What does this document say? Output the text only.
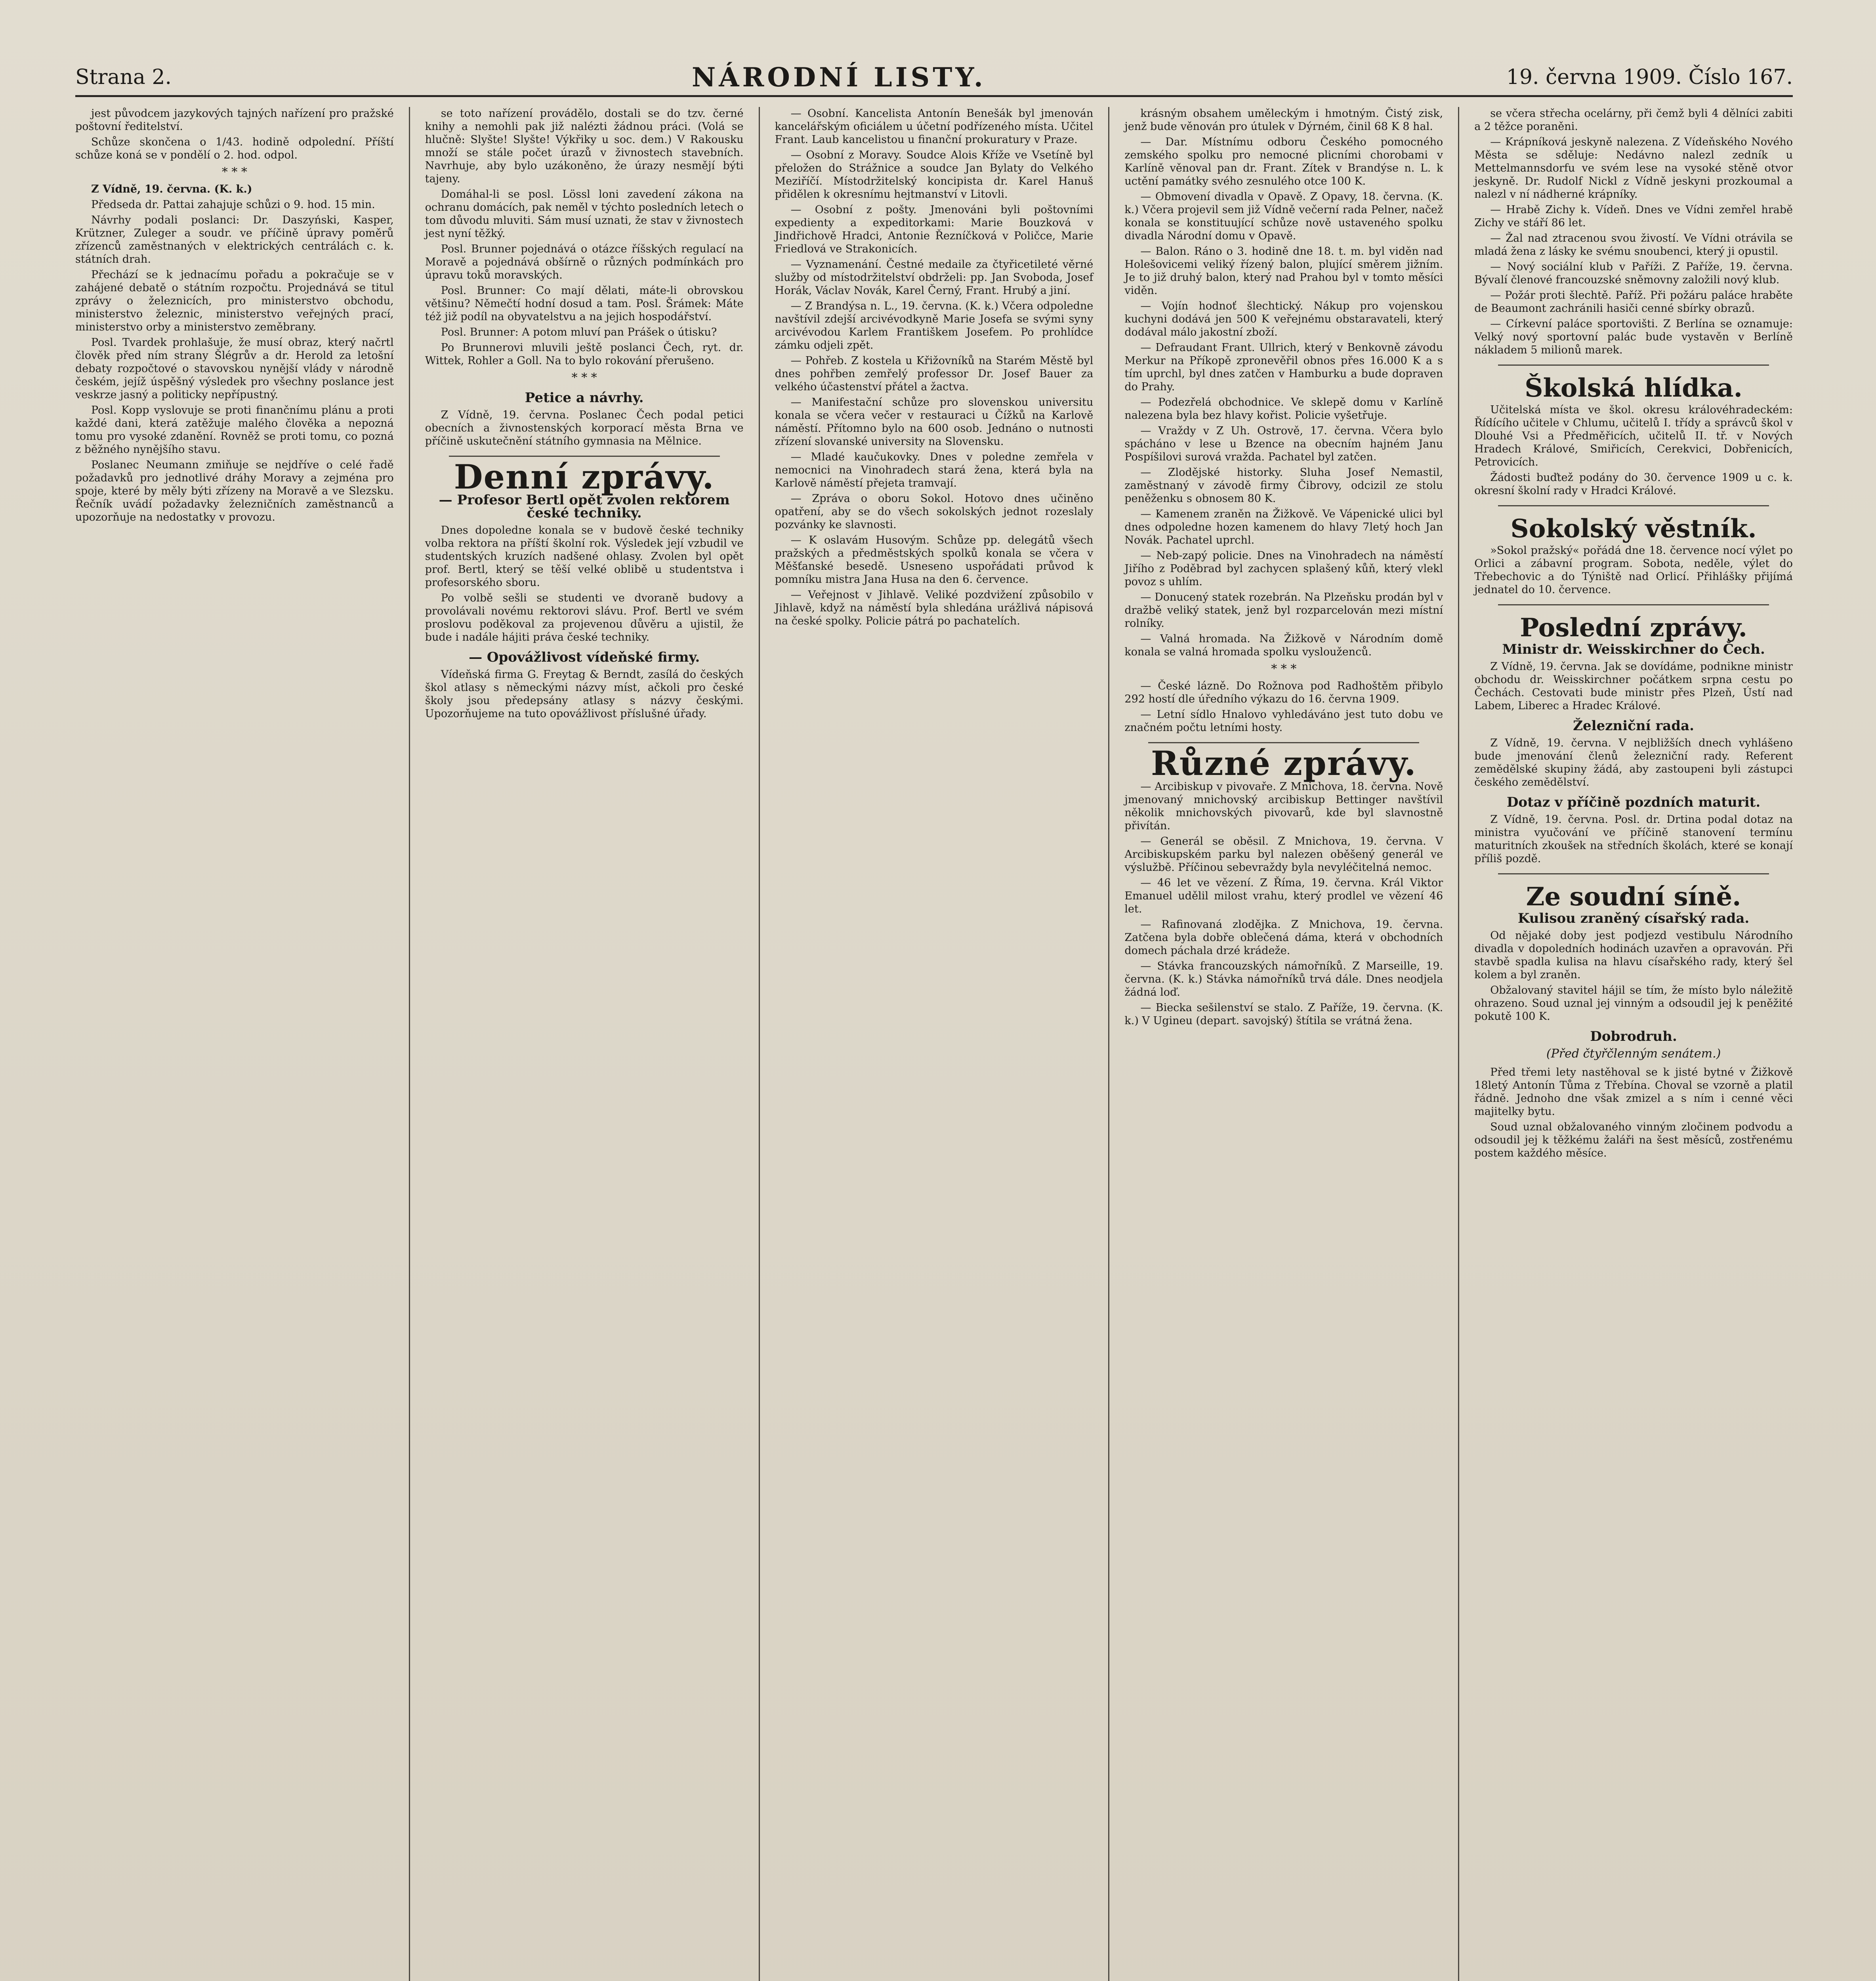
Strana 2.	NÁRODNÍ LISTY.	19. června 1909. Číslo 167.

jest původcem jazykových tajných nařízení pro pražské poštovní ředitelství.

Schůze skončena o 1/43. hodině odpolední. Příští schůze koná se v pondělí o 2. hod. odpol.

* * *

Z Vídně, 19. června. (K. k.)

Předseda dr. Pattai zahajuje schůzi o 9. hod. 15 min.

Návrhy podali poslanci: Dr. Daszyński, Kasper, Krützner, Zuleger a soudr. ve příčině úpravy poměrů zřízenců zaměstnaných v elektrických centrálách c. k. státních drah.

Přechází se k jednacímu pořadu a pokračuje se v zahájené debatě o státním rozpočtu. Projednává se titul zprávy o železnicích, pro ministerstvo obchodu, ministerstvo železnic, ministerstvo veřejných prací, ministerstvo orby a ministerstvo zeměbrany.

Posl. Tvardek prohlašuje, že musí obraz, který načrtl člověk před ním strany Šlégrův a dr. Herold za letošní debaty rozpočtové o stavovskou nynější vlády v národně českém, jejíž úspěšný výsledek pro všechny poslance jest veskrze jasný a politicky nepřípustný.

Posl. Kopp vyslovuje se proti finančnímu plánu a proti každé dani, která zatěžuje malého člověka a nepozná tomu pro vysoké zdanění. Rovněž se proti tomu, co pozná z běžného nynějšího stavu.

Poslanec Neumann zmiňuje se nejdříve o celé řadě požadavků pro jednotlivé dráhy Moravy a zejména pro spoje, které by měly býti zřízeny na Moravě a ve Slezsku. Řečník uvádí požadavky železničních zaměstnanců a upozorňuje na nedostatky v provozu.

se toto nařízení provádělo, dostali se do tzv. černé knihy a nemohli pak již nalézti žádnou práci. (Volá se hlučně: Slyšte! Slyšte! Výkřiky u soc. dem.) V Rakousku množí se stále počet úrazů v živnostech stavebních. Navrhuje, aby bylo uzákoněno, že úrazy nesmějí býti tajeny.

Domáhal-li se posl. Lössl loni zavedení zákona na ochranu domácích, pak neměl v týchto posledních letech o tom důvodu mluviti. Sám musí uznati, že stav v živnostech jest nyní těžký.

Posl. Brunner pojednává o otázce říšských regulací na Moravě a pojednává obšírně o různých podmínkách pro úpravu toků moravských.

Posl. Brunner: Co mají dělati, máte-li obrovskou většinu? Němečtí hodní dosud a tam. Posl. Šrámek: Máte též již podíl na obyvatelstvu a na jejich hospodářství.

Posl. Brunner: A potom mluví pan Prášek o útisku?

Po Brunnerovi mluvili ještě poslanci Čech, ryt. dr. Wittek, Rohler a Goll. Na to bylo rokování přerušeno.

* * *
Petice a návrhy.

Z Vídně, 19. června. Poslanec Čech podal petici obecních a živnostenských korporací města Brna ve příčině uskutečnění státního gymnasia na Mělnice.

Denní zprávy.
— Profesor Bertl opět zvolen rektorem české techniky.

Dnes dopoledne konala se v budově české techniky volba rektora na příští školní rok. Výsledek její vzbudil ve studentských kruzích nadšené ohlasy. Zvolen byl opět prof. Bertl, který se těší velké oblibě u studentstva i profesorského sboru.

Po volbě sešli se studenti ve dvoraně budovy a provolávali novému rektorovi slávu. Prof. Bertl ve svém proslovu poděkoval za projevenou důvěru a ujistil, že bude i nadále hájiti práva české techniky.

— Opovážlivost vídeňské firmy.

Vídeňská firma G. Freytag & Berndt, zasílá do českých škol atlasy s německými názvy míst, ačkoli pro české školy jsou předepsány atlasy s názvy českými. Upozorňujeme na tuto opovážlivost příslušné úřady.

— Osobní. Kancelista Antonín Benešák byl jmenován kancelářským oficiálem u účetní podřízeného místa. Učitel Frant. Laub kancelistou u finanční prokuratury v Praze.

— Osobní z Moravy. Soudce Alois Kříže ve Vsetíně byl přeložen do Strážnice a soudce Jan Bylaty do Velkého Meziříčí. Místodržitelský koncipista dr. Karel Hanuš přidělen k okresnímu hejtmanství v Litovli.

— Osobní z pošty. Jmenováni byli poštovními expedienty a expeditorkami: Marie Bouzková v Jindřichově Hradci, Antonie Řezníčková v Poličce, Marie Friedlová ve Strakonicích.

— Vyznamenání. Čestné medaile za čtyřicetileté věrné služby od místodržitelství obdrželi: pp. Jan Svoboda, Josef Horák, Václav Novák, Karel Černý, Frant. Hrubý a jiní.

— Z Brandýsa n. L., 19. června. (K. k.) Včera odpoledne navštívil zdejší arcivévodkyně Marie Josefa se svými syny arcivévodou Karlem Františkem Josefem. Po prohlídce zámku odjeli zpět.

— Pohřeb. Z kostela u Křižovníků na Starém Městě byl dnes pohřben zemřelý professor Dr. Josef Bauer za velkého účastenství přátel a žactva.

— Manifestační schůze pro slovenskou universitu konala se včera večer v restauraci u Čížků na Karlově náměstí. Přítomno bylo na 600 osob. Jednáno o nutnosti zřízení slovanské university na Slovensku.

— Mladé kaučukovky. Dnes v poledne zemřela v nemocnici na Vinohradech stará žena, která byla na Karlově náměstí přejeta tramvají.

— Zpráva o oboru Sokol. Hotovo dnes učiněno opatření, aby se do všech sokolských jednot rozeslaly pozvánky ke slavnosti.

— K oslavám Husovým. Schůze pp. delegátů všech pražských a předměstských spolků konala se včera v Měšťanské besedě. Usneseno uspořádati průvod k pomníku mistra Jana Husa na den 6. července.

— Veřejnost v Jihlavě. Veliké pozdvižení způsobilo v Jihlavě, když na náměstí byla shledána urážlivá nápisová na české spolky. Policie pátrá po pachatelích.

krásným obsahem uměleckým i hmotným. Čistý zisk, jenž bude věnován pro útulek v Dýrném, činil 68 K 8 hal.

— Dar. Místnímu odboru Českého pomocného zemského spolku pro nemocné plicními chorobami v Karlíně věnoval pan dr. Frant. Zítek v Brandýse n. L. k uctění památky svého zesnulého otce 100 K.

— Obmovení divadla v Opavě. Z Opavy, 18. června. (K. k.) Včera projevil sem již Vídně večerní rada Pelner, načež konala se konstituující schůze nově ustaveného spolku divadla Národní domu v Opavě.

— Balon. Ráno o 3. hodině dne 18. t. m. byl viděn nad Holešovicemi veliký řízený balon, plující směrem jižním. Je to již druhý balon, který nad Prahou byl v tomto měsíci viděn.

— Vojín hodnoť šlechtický. Nákup pro vojenskou kuchyni dodává jen 500 K veřejnému obstaravateli, který dodával málo jakostní zboží.

— Defraudant Frant. Ullrich, který v Benkovně závodu Merkur na Příkopě zpronevěřil obnos přes 16.000 K a s tím uprchl, byl dnes zatčen v Hamburku a bude dopraven do Prahy.

— Podezřelá obchodnice. Ve sklepě domu v Karlíně nalezena byla bez hlavy kořist. Policie vyšetřuje.

— Vraždy v Z Uh. Ostrově, 17. června. Včera bylo spácháno v lese u Bzence na obecním hajném Janu Pospíšilovi surová vražda. Pachatel byl zatčen.

— Zlodějské historky. Sluha Josef Nemastil, zaměstnaný v závodě firmy Čibrovy, odcizil ze stolu peněženku s obnosem 80 K.

— Kamenem zraněn na Žižkově. Ve Vápenické ulici byl dnes odpoledne hozen kamenem do hlavy 7letý hoch Jan Novák. Pachatel uprchl.

— Neb-zapý policie. Dnes na Vinohradech na náměstí Jiřího z Poděbrad byl zachycen splašený kůň, který vlekl povoz s uhlím.

— Donucený statek rozebrán. Na Plzeňsku prodán byl v dražbě veliký statek, jenž byl rozparcelován mezi místní rolníky.

— Valná hromada. Na Žižkově v Národním domě konala se valná hromada spolku vyslouženců.

* * *

— České lázně. Do Rožnova pod Radhoštěm přibylo 292 hostí dle úředního výkazu do 16. června 1909.

— Letní sídlo Hnalovo vyhledáváno jest tuto dobu ve značném počtu letními hosty.

Různé zprávy.

— Arcibiskup v pivovaře. Z Mnichova, 18. června. Nově jmenovaný mnichovský arcibiskup Bettinger navštívil několik mnichovských pivovarů, kde byl slavnostně přivítán.

— Generál se oběsil. Z Mnichova, 19. června. V Arcibiskupském parku byl nalezen oběšený generál ve výslužbě. Příčinou sebevraždy byla nevyléčitelná nemoc.

— 46 let ve vězení. Z Říma, 19. června. Král Viktor Emanuel udělil milost vrahu, který prodlel ve vězení 46 let.

— Rafinovaná zlodějka. Z Mnichova, 19. června. Zatčena byla dobře oblečená dáma, která v obchodních domech páchala drzé krádeže.

— Stávka francouzských námořníků. Z Marseille, 19. června. (K. k.) Stávka námořníků trvá dále. Dnes neodjela žádná loď.

— Biecka sešilenství se stalo. Z Paříže, 19. června. (K. k.) V Ugineu (depart. savojský) štítila se vrátná žena.

se včera střecha ocelárny, při čemž byli 4 dělníci zabiti a 2 těžce poraněni.

— Krápníková jeskyně nalezena. Z Vídeňského Nového Města se sděluje: Nedávno nalezl zedník u Mettelmannsdorfu ve svém lese na vysoké stěně otvor jeskyně. Dr. Rudolf Nickl z Vídně jeskyni prozkoumal a nalezl v ní nádherné krápníky.

— Hrabě Zichy k. Vídeň. Dnes ve Vídni zemřel hrabě Zichy ve stáří 86 let.

— Žal nad ztracenou svou živostí. Ve Vídni otrávila se mladá žena z lásky ke svému snoubenci, který ji opustil.

— Nový sociální klub v Paříži. Z Paříže, 19. června. Bývalí členové francouzské sněmovny založili nový klub.

— Požár proti šlechtě. Paříž. Při požáru paláce hraběte de Beaumont zachránili hasiči cenné sbírky obrazů.

— Církevní paláce sportovišti. Z Berlína se oznamuje: Velký nový sportovní palác bude vystavěn v Berlíně nákladem 5 milionů marek.

Školská hlídka.

Učitelská místa ve škol. okresu královéhradeckém: Řídícího učitele v Chlumu, učitelů I. třídy a správců škol v Dlouhé Vsi a Předměřicích, učitelů II. tř. v Nových Hradech Králové, Smiřicích, Cerekvici, Dobřenicích, Petrovicích.

Žádosti buďtež podány do 30. července 1909 u c. k. okresní školní rady v Hradci Králové.

Sokolský věstník.

»Sokol pražský« pořádá dne 18. července nocí výlet po Orlici a zábavní program. Sobota, neděle, výlet do Třebechovic a do Týniště nad Orlicí. Přihlášky přijímá jednatel do 10. července.

Poslední zprávy.
Ministr dr. Weisskirchner do Čech.

Z Vídně, 19. června. Jak se dovídáme, podnikne ministr obchodu dr. Weisskirchner počátkem srpna cestu po Čechách. Cestovati bude ministr přes Plzeň, Ústí nad Labem, Liberec a Hradec Králové.

Železniční rada.

Z Vídně, 19. června. V nejbližších dnech vyhlášeno bude jmenování členů železniční rady. Referent zemědělské skupiny žádá, aby zastoupeni byli zástupci českého zemědělství.

Dotaz v příčině pozdních maturit.

Z Vídně, 19. června. Posl. dr. Drtina podal dotaz na ministra vyučování ve příčině stanovení termínu maturitních zkoušek na středních školách, které se konají příliš pozdě.

Ze soudní síně.
Kulisou zraněný císařský rada.

Od nějaké doby jest podjezd vestibulu Národního divadla v dopoledních hodinách uzavřen a opravován. Při stavbě spadla kulisa na hlavu císařského rady, který šel kolem a byl zraněn.

Obžalovaný stavitel hájil se tím, že místo bylo náležitě ohrazeno. Soud uznal jej vinným a odsoudil jej k peněžité pokutě 100 K.

Dobrodruh.
(Před čtyřčlenným senátem.)

Před třemi lety nastěhoval se k jisté bytné v Žižkově 18letý Antonín Tůma z Třebína. Choval se vzorně a platil řádně. Jednoho dne však zmizel a s ním i cenné věci majitelky bytu.

Soud uznal obžalovaného vinným zločinem podvodu a odsoudil jej k těžkému žaláři na šest měsíců, zostřenému postem každého měsíce.
